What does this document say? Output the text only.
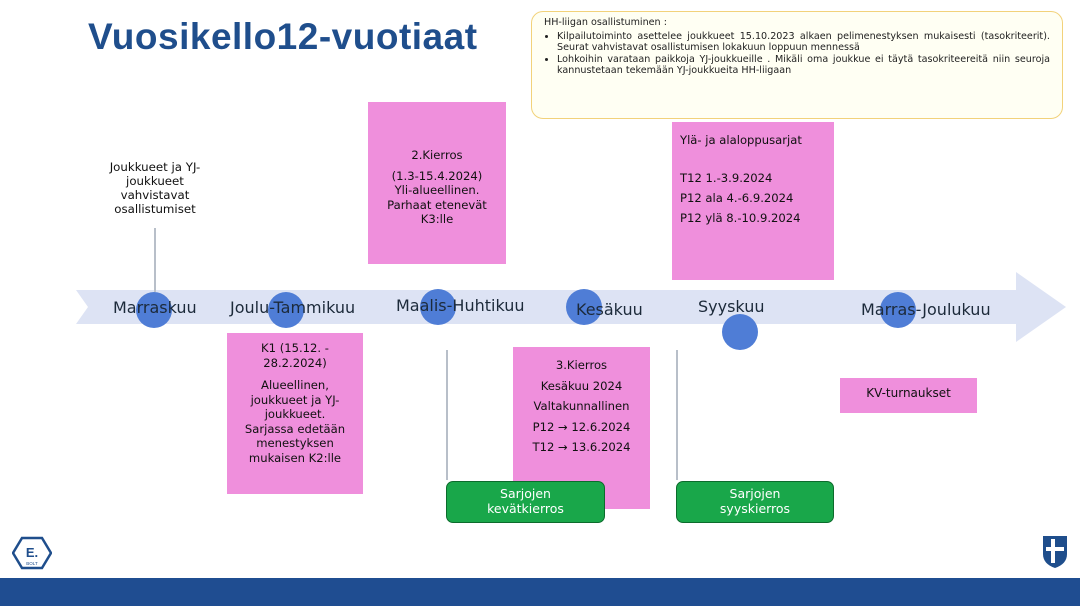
Vuosikello12-vuotiaat	HH-liigan osallistuminen :
• Kilpailutoiminto asettelee joukkueet 15.10.2023 alkaen pelimenestyksen mukaisesti (tasokriteerit). Seurat vahvistavat osallistumisen lokakuun loppuun mennessä
• Lohkoihin varataan paikkoja YJ-joukkueille . Mikäli oma joukkue ei täytä tasokriteereitä niin seuroja kannustetaan tekemään YJ-joukkueita HH-liigaan
Marraskuu Joulu-Tammikuu	Maalis-Huhtikuu	Kesäkuu	Syyskuu	Marras-Joulukuu
Joukkueet ja YJ-
joukkueet
vahvistavat
osallistumiset
2.Kierros
(1.3-15.4.2024)
Yli-alueellinen.
Parhaat etenevät
K3:lle
Ylä- ja alaloppusarjat
T12 1.-3.9.2024
P12 ala 4.-6.9.2024
P12 ylä 8.-10.9.2024
K1 (15.12. -
28.2.2024)
Alueellinen,
joukkueet ja YJ-
joukkueet.
Sarjassa edetään
menestyksen
mukaisen K2:lle
3.Kierros
Kesäkuu 2024
Valtakunnallinen
P12 → 12.6.2024
T12 → 13.6.2024
Sarjojen
kevätkierros
Sarjojen
syyskierros
KV-turnaukset
E.
BOLT
